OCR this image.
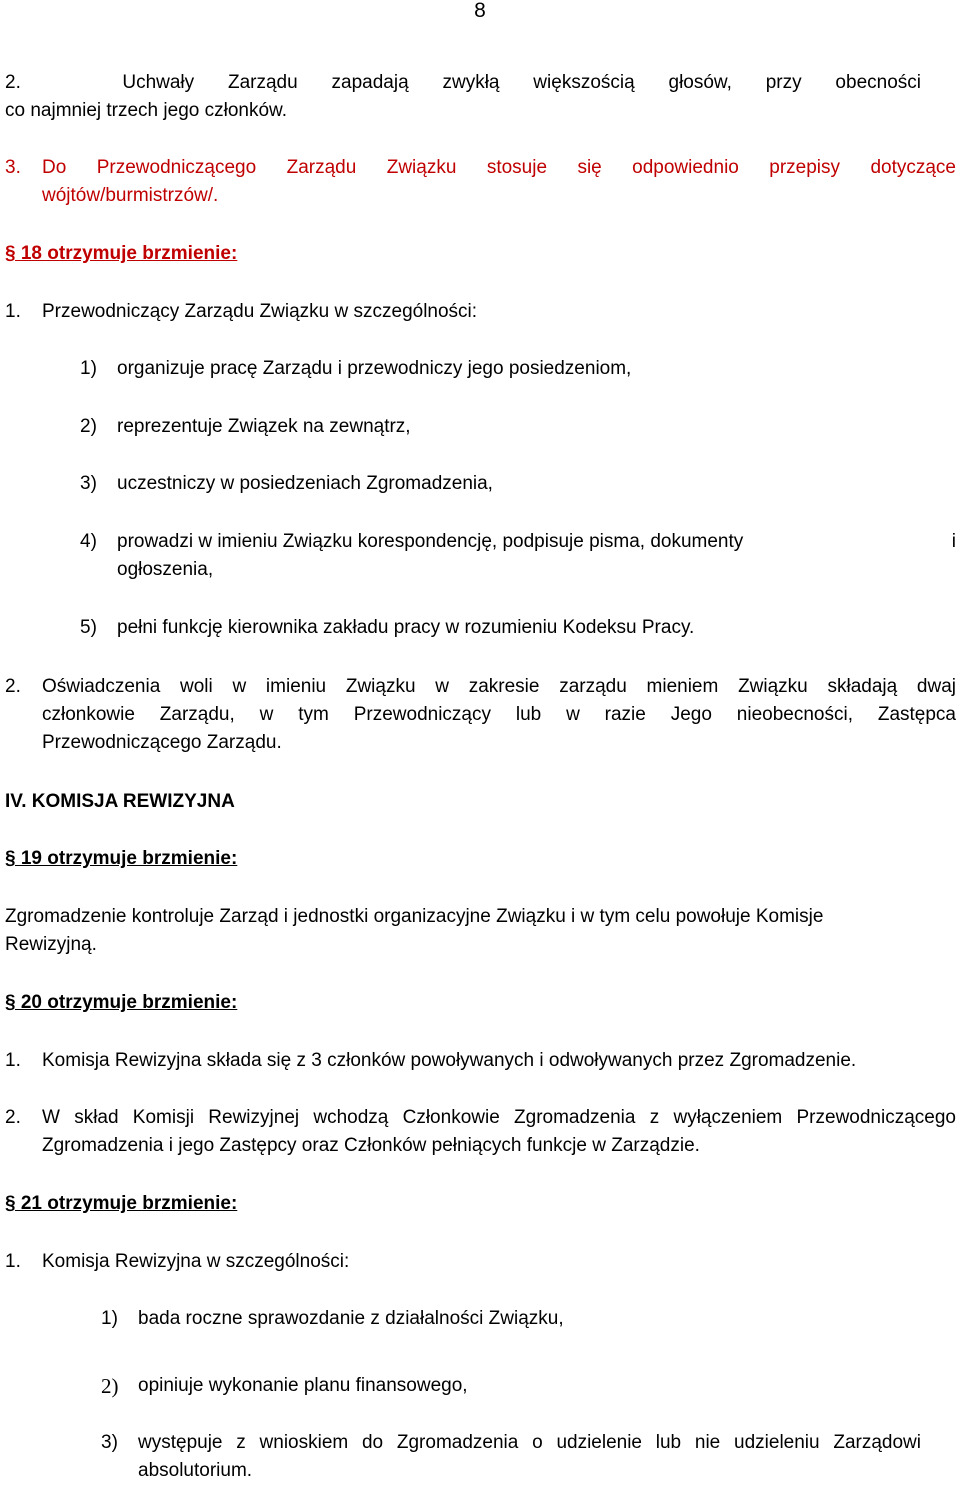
8
2.	Uchwały Zarządu zapadają zwykłą większością głosów, przy obecności
co najmniej trzech jego członków.
3. Do Przewodniczącego Zarządu Związku stosuje się odpowiednio przepisy dotyczące
wójtów/burmistrzów/.
§ 18 otrzymuje brzmienie:
1. Przewodniczący Zarządu Związku w szczególności:
1) organizuje pracę Zarządu i przewodniczy jego posiedzeniom,
2) reprezentuje Związek na zewnątrz,
3) uczestniczy w posiedzeniach Zgromadzenia,
4) prowadzi w imieniu Związku korespondencję, podpisuje pisma, dokumenty	i
ogłoszenia,
5) pełni funkcję kierownika zakładu pracy w rozumieniu Kodeksu Pracy.
2. Oświadczenia woli w imieniu Związku w zakresie zarządu mieniem Związku składają dwaj
członkowie Zarządu, w tym Przewodniczący lub w razie Jego nieobecności, Zastępca
Przewodniczącego Zarządu.
IV. KOMISJA REWIZYJNA
§ 19 otrzymuje brzmienie:
Zgromadzenie kontroluje Zarząd i jednostki organizacyjne Związku i w tym celu powołuje Komisje
Rewizyjną.
§ 20 otrzymuje brzmienie:
1. Komisja Rewizyjna składa się z 3 członków powoływanych i odwoływanych przez Zgromadzenie.
2. W skład Komisji Rewizyjnej wchodzą Członkowie Zgromadzenia z wyłączeniem Przewodniczącego
Zgromadzenia i jego Zastępcy oraz Członków pełniących funkcje w Zarządzie.
§ 21 otrzymuje brzmienie:
1. Komisja Rewizyjna w szczególności:
1) bada roczne sprawozdanie z działalności Związku,
2) opiniuje wykonanie planu finansowego,
3) występuje z wnioskiem do Zgromadzenia o udzielenie lub nie udzieleniu Zarządowi
absolutorium.
